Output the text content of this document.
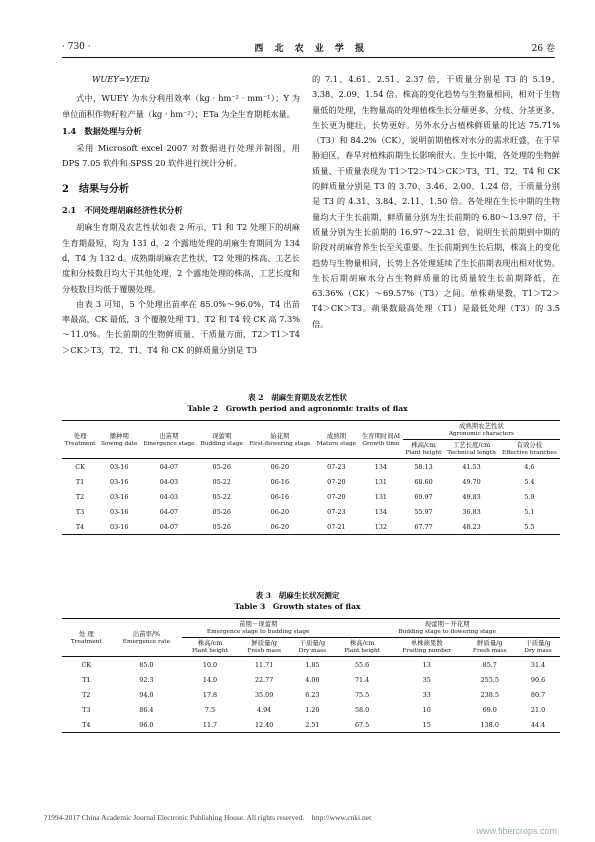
· 730 ·	西 北 农 业 学 报	26 卷

WUEY=Y/ETa

式中，WUEY 为水分利用效率（kg · hm⁻² · mm⁻¹）；Y 为单位面积作物籽粒产量（kg · hm⁻²）；ETa 为全生育期耗水量。

1.4　数据处理与分析

采用 Microsoft excel 2007 对数据进行处理并制图，用 DPS 7.05 软件和 SPSS 20 软件进行统计分析。

2　结果与分析

2.1　不同处理胡麻经济性状分析

胡麻生育期及农艺性状如表 2 所示，T1 和 T2 处理下的胡麻生育期最短，均为 131 d，2 个露地处理的胡麻生育期同为 134 d，T4 为 132 d。成熟期胡麻农艺性状，T2 处理的株高、工艺长度和分枝数目均大于其他处理，2 个露地处理的株高、工艺长度和分枝数目均低于覆膜处理。

由表 3 可知，5 个处理出苗率在 85.0%～96.0%，T4 出苗率最高，CK 最低，3 个覆膜处理 T1、T2 和 T4 较 CK 高 7.3%～11.0%。生长前期的生物鲜质量、干质量方面，T2＞T1＞T4＞CK＞T3，T2、T1、T4 和 CK 的鲜质量分别是 T3

的 7.1、4.61、2.51、2.37 倍，干质量分别是 T3 的 5.19、3.38、2.09、1.54 倍。株高的变化趋势与生物量相同，相对于生物量低的处理，生物量高的处理植株生长分蘖更多，分枝、分茎更多，生长更为健壮，长势更好。另外水分占植株鲜质量的比达 75.71%（T3）和 84.2%（CK），说明前期植株对水分的需求旺盛，在干旱胁迫区，春旱对植株前期生长影响很大。生长中期，各处理的生物鲜质量、干质量表现为 T1＞T2＞T4＞CK＞T3，T1、T2、T4 和 CK 的鲜质量分别是 T3 的 3.70、3.46、2.00、1.24 倍，干质量分别是 T3 的 4.31、3.84、2.11、1.50 倍。各处理在生长中期的生物量均大于生长前期，鲜质量分别为生长前期的 6.80～13.97 倍，干质量分别为生长前期的 16.97～22.31 倍，说明生长前期到中期的阶段对胡麻营养生长至关重要。生长前期到生长后期，株高上的变化趋势与生物量相同，长势上各处理延续了生长前期表现出相对优势。生长后期胡麻水分占生物鲜质量的比质量较生长前期降低，在 63.36%（CK）～69.57%（T3）之间。单株蒴果数，T1＞T2＞T4＞CK＞T3。蒴果数最高处理（T1）是最低处理（T3）的 3.5 倍。

表 2　胡麻生育期及农艺性状
Table 2　Growth period and agronomic traits of flax
处理
Treatment	播种期
Sowing date	出苗期
Emergence stage	现蕾期
Budding stage	始花期
First-flowering stage	成熟期
Mature stage	生育期时间/d
Growth time	成熟期农艺性状
Agronomic characters		

							株高/cm
Plant height	工艺长度/cm
Technical length	有效分枝
Effective branches

CK	03-16	04-07	05-26	06-20	07-23	134	58.13	41.53	4.6
T1	03-16	04-03	05-22	06-16	07-20	131	68.60	49.70	5.4
T2	03-16	04-03	05-22	06-16	07-20	131	69.97	49.83	5.9
T3	03-16	04-07	05-26	06-20	07-23	134	55.97	36.83	5.1
T4	03-16	04-07	05-26	06-20	07-21	132	67.77	48.23	5.5
表 3　胡麻生长状况测定
Table 3　Growth states of flax
处 理
Treatment	出苗率/%
Emergence rate	苗期－现蕾期
Emergence stage to budding stage			现蕾期－开花期
Budding stage to flowering stage			

		株高/cm
Plant height	鲜质量/g
Fresh mass	干质量/g
Dry mass	株高/cm
Plant height	单株蒴果数
Fruiting number	鲜质量/g
Fresh mass	干质量/g
Dry mass

CK	85.0	10.0	11.71	1.85	55.6	13	85.7	31.4
T1	92.3	14.0	22.77	4.06	71.4	35	255.5	90.6
T2	94.0	17.8	35.09	6.23	75.5	33	238.5	80.7
T3	86.4	7.5	4.94	1.20	58.0	10	69.0	21.0
T4	96.0	11.7	12.40	2.51	67.5	15	138.0	44.4
?1994-2017 China Academic Journal Electronic Publishing House. All rights reserved.　http://www.cnki.net
www.fibercrops.com
